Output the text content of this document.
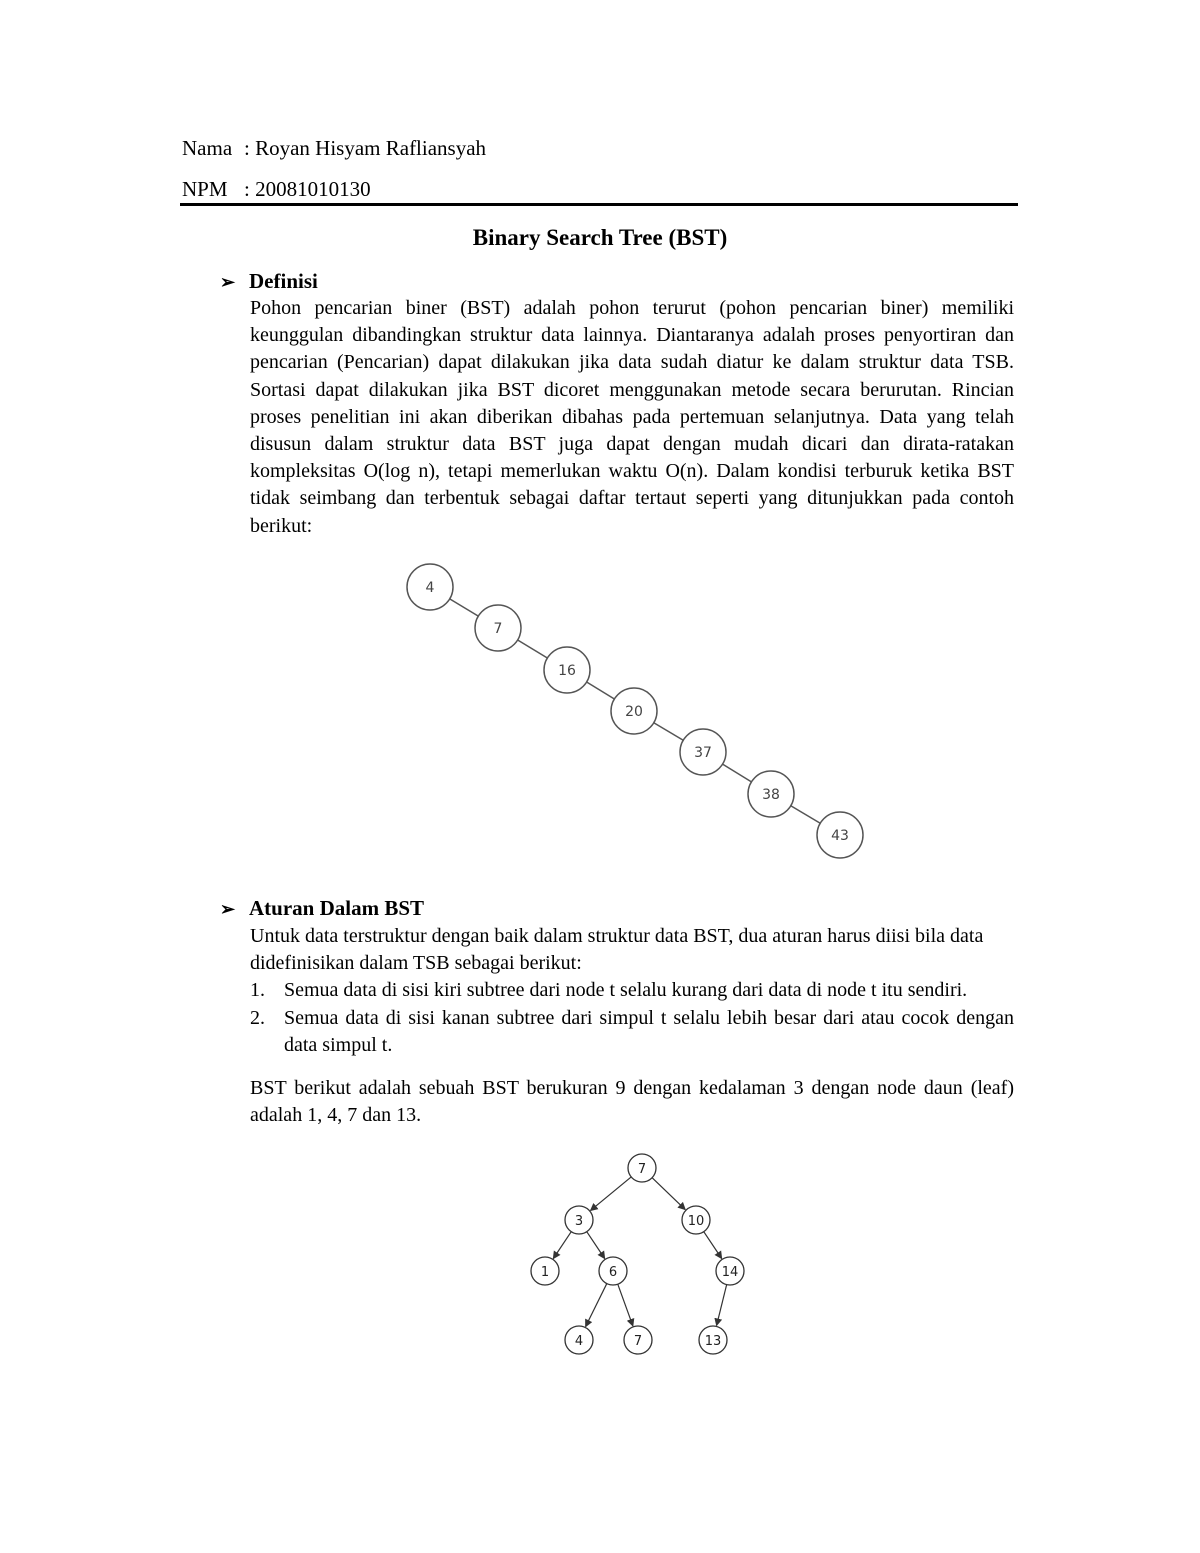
Nama : Royan Hisyam Rafliansyah
NPM : 20081010130
Binary Search Tree (BST)
➢ Definisi
Pohon pencarian biner (BST) adalah pohon terurut (pohon pencarian biner) memiliki keunggulan dibandingkan struktur data lainnya. Diantaranya adalah proses penyortiran dan pencarian (Pencarian) dapat dilakukan jika data sudah diatur ke dalam struktur data TSB. Sortasi dapat dilakukan jika BST dicoret menggunakan metode secara berurutan. Rincian proses penelitian ini akan diberikan dibahas pada pertemuan selanjutnya. Data yang telah disusun dalam struktur data BST juga dapat dengan mudah dicari dan dirata-ratakan kompleksitas O(log n), tetapi memerlukan waktu O(n). Dalam kondisi terburuk ketika BST tidak seimbang dan terbentuk sebagai daftar tertaut seperti yang ditunjukkan pada contoh berikut:
4
7
16
20
37
38
43
➢ Aturan Dalam BST
Untuk data terstruktur dengan baik dalam struktur data BST, dua aturan harus diisi bila data didefinisikan dalam TSB sebagai berikut:
1. Semua data di sisi kiri subtree dari node t selalu kurang dari data di node t itu sendiri.
2. Semua data di sisi kanan subtree dari simpul t selalu lebih besar dari atau cocok dengan data simpul t.
BST berikut adalah sebuah BST berukuran 9 dengan kedalaman 3 dengan node daun (leaf) adalah 1, 4, 7 dan 13.
7
3	10
1	6	14
4	7	13
